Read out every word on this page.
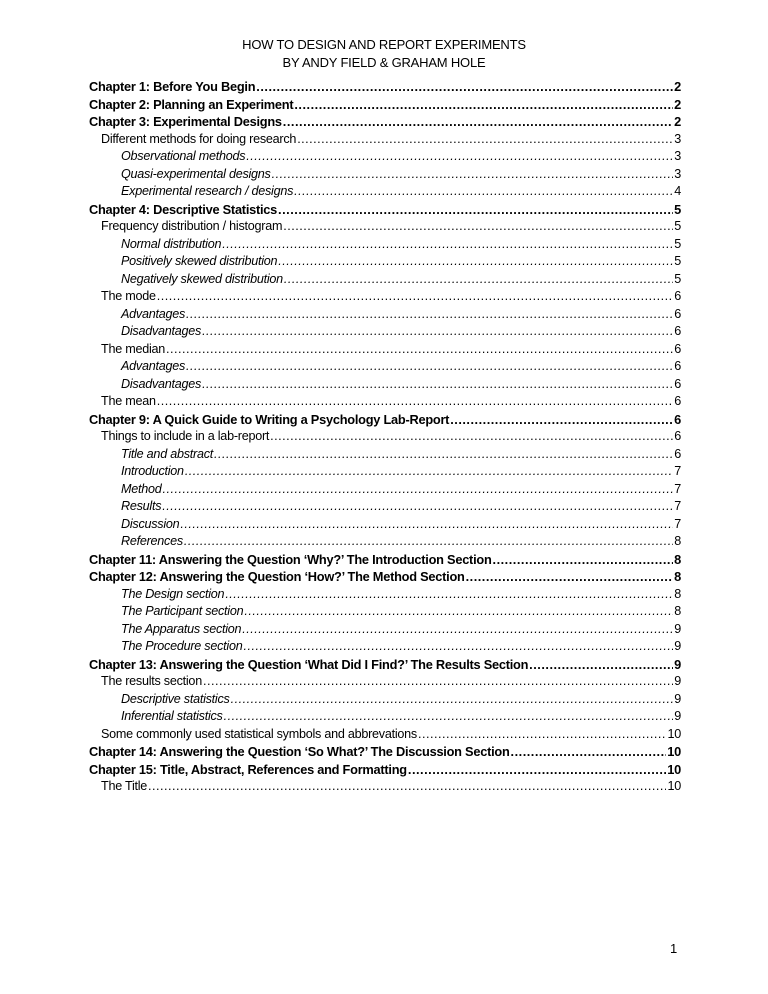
HOW TO DESIGN AND REPORT EXPERIMENTS
BY ANDY FIELD & GRAHAM HOLE
Chapter 1: Before You Begin .....	2
Chapter 2: Planning an Experiment .....	2
Chapter 3: Experimental Designs .....	2
Different methods for doing research .....	3
Observational methods .....	3
Quasi-experimental designs .....	3
Experimental research / designs .....	4
Chapter 4: Descriptive Statistics .....	5
Frequency distribution / histogram .....	5
Normal distribution .....	5
Positively skewed distribution .....	5
Negatively skewed distribution .....	5
The mode .....	6
Advantages .....	6
Disadvantages .....	6
The median .....	6
Advantages .....	6
Disadvantages .....	6
The mean .....	6
Chapter 9: A Quick Guide to Writing a Psychology Lab-Report .....	6
Things to include in a lab-report .....	6
Title and abstract .....	6
Introduction .....	7
Method .....	7
Results .....	7
Discussion .....	7
References .....	8
Chapter 11: Answering the Question ‘Why?’ The Introduction Section .....	8
Chapter 12: Answering the Question ‘How?’ The Method Section .....	8
The Design section .....	8
The Participant section .....	8
The Apparatus section .....	9
The Procedure section .....	9
Chapter 13: Answering the Question ‘What Did I Find?’ The Results Section .....	9
The results section .....	9
Descriptive statistics .....	9
Inferential statistics .....	9
Some commonly used statistical symbols and abbrevations .....	10
Chapter 14: Answering the Question ‘So What?’ The Discussion Section .....	10
Chapter 15: Title, Abstract, References and Formatting .....	10
The Title .....	10
1
